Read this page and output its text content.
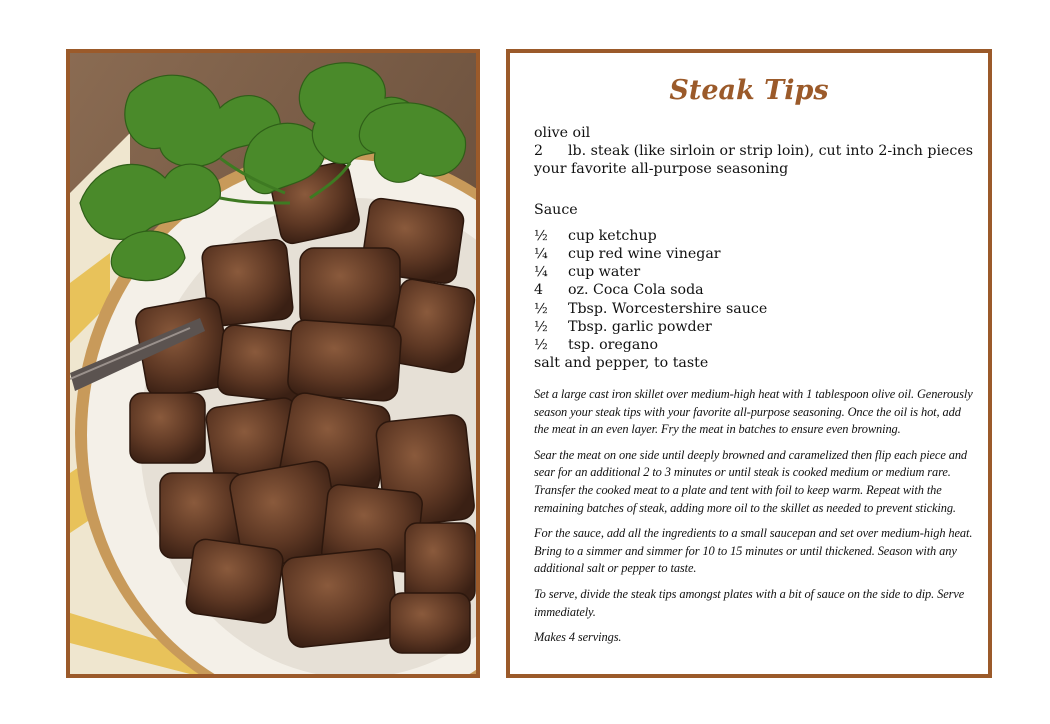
Steak Tips
olive oil
2 lb. steak (like sirloin or strip loin), cut into 2-inch pieces
your favorite all-purpose seasoning
Sauce
½ cup ketchup
¼ cup red wine vinegar
¼ cup water
4 oz. Coca Cola soda
½ Tbsp. Worcestershire sauce
½ Tbsp. garlic powder
½ tsp. oregano
salt and pepper, to taste

Set a large cast iron skillet over medium-high heat with 1 tablespoon olive oil. Generously season your steak tips with your favorite all-purpose seasoning. Once the oil is hot, add the meat in an even layer. Fry the meat in batches to ensure even browning.

Sear the meat on one side until deeply browned and caramelized then flip each piece and sear for an additional 2 to 3 minutes or until steak is cooked medium or medium rare. Transfer the cooked meat to a plate and tent with foil to keep warm. Repeat with the remaining batches of steak, adding more oil to the skillet as needed to prevent sticking.

For the sauce, add all the ingredients to a small saucepan and set over medium-high heat. Bring to a simmer and simmer for 10 to 15 minutes or until thickened. Season with any additional salt or pepper to taste.

To serve, divide the steak tips amongst plates with a bit of sauce on the side to dip. Serve immediately.

Makes 4 servings.
